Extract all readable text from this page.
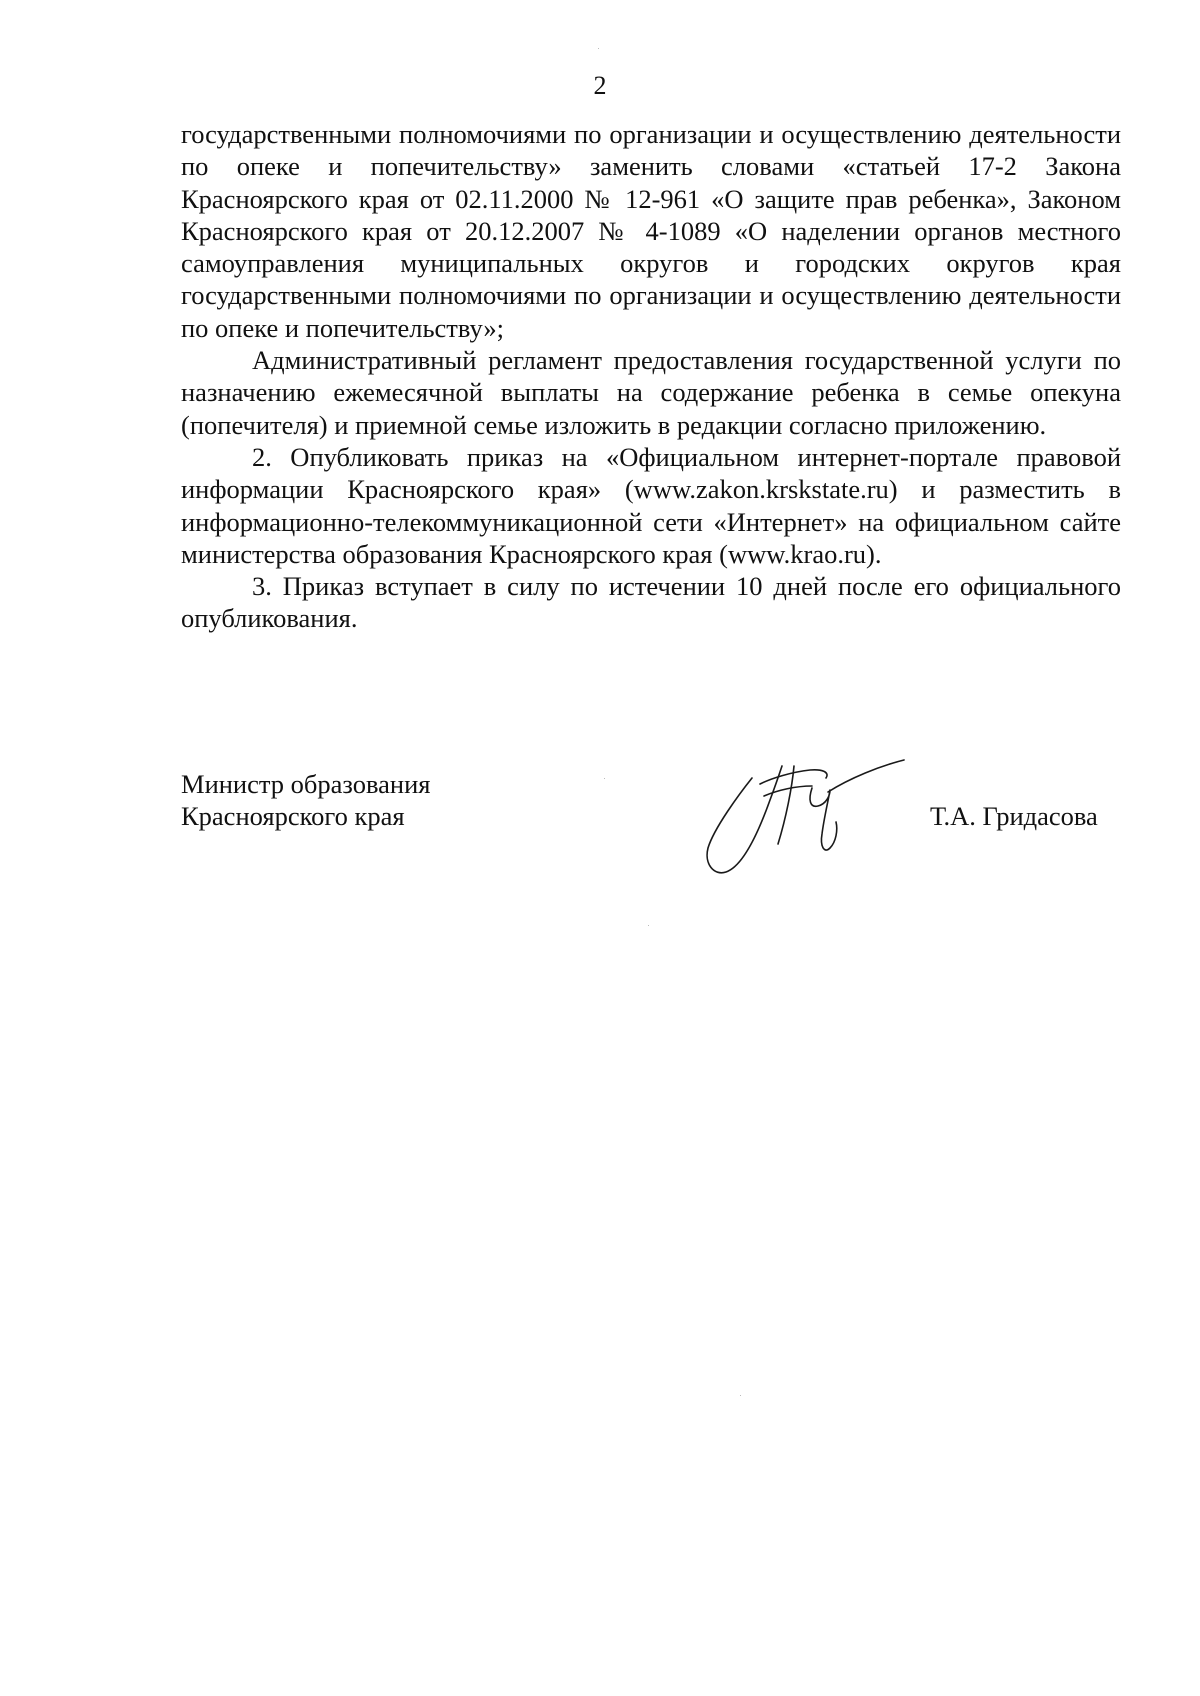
2

государственными полномочиями по организации и осуществлению деятельности по опеке и попечительству» заменить словами «статьей 17-2 Закона Красноярского края от 02.11.2000 № 12-961 «О защите прав ребенка», Законом Красноярского края от 20.12.2007 № 4-1089 «О наделении органов местного самоуправления муниципальных округов и городских округов края государственными полномочиями по организации и осуществлению деятельности по опеке и попечительству»;

Административный регламент предоставления государственной услуги по назначению ежемесячной выплаты на содержание ребенка в семье опекуна (попечителя) и приемной семье изложить в редакции согласно приложению.

2. Опубликовать приказ на «Официальном интернет-портале правовой информации Красноярского края» (www.zakon.krskstate.ru) и разместить в информационно-телекоммуникационной сети «Интернет» на официальном сайте министерства образования Красноярского края (www.krao.ru).

3. Приказ вступает в силу по истечении 10 дней после его официального опубликования.

Министр образования
Красноярского края	Т.А. Гридасова
